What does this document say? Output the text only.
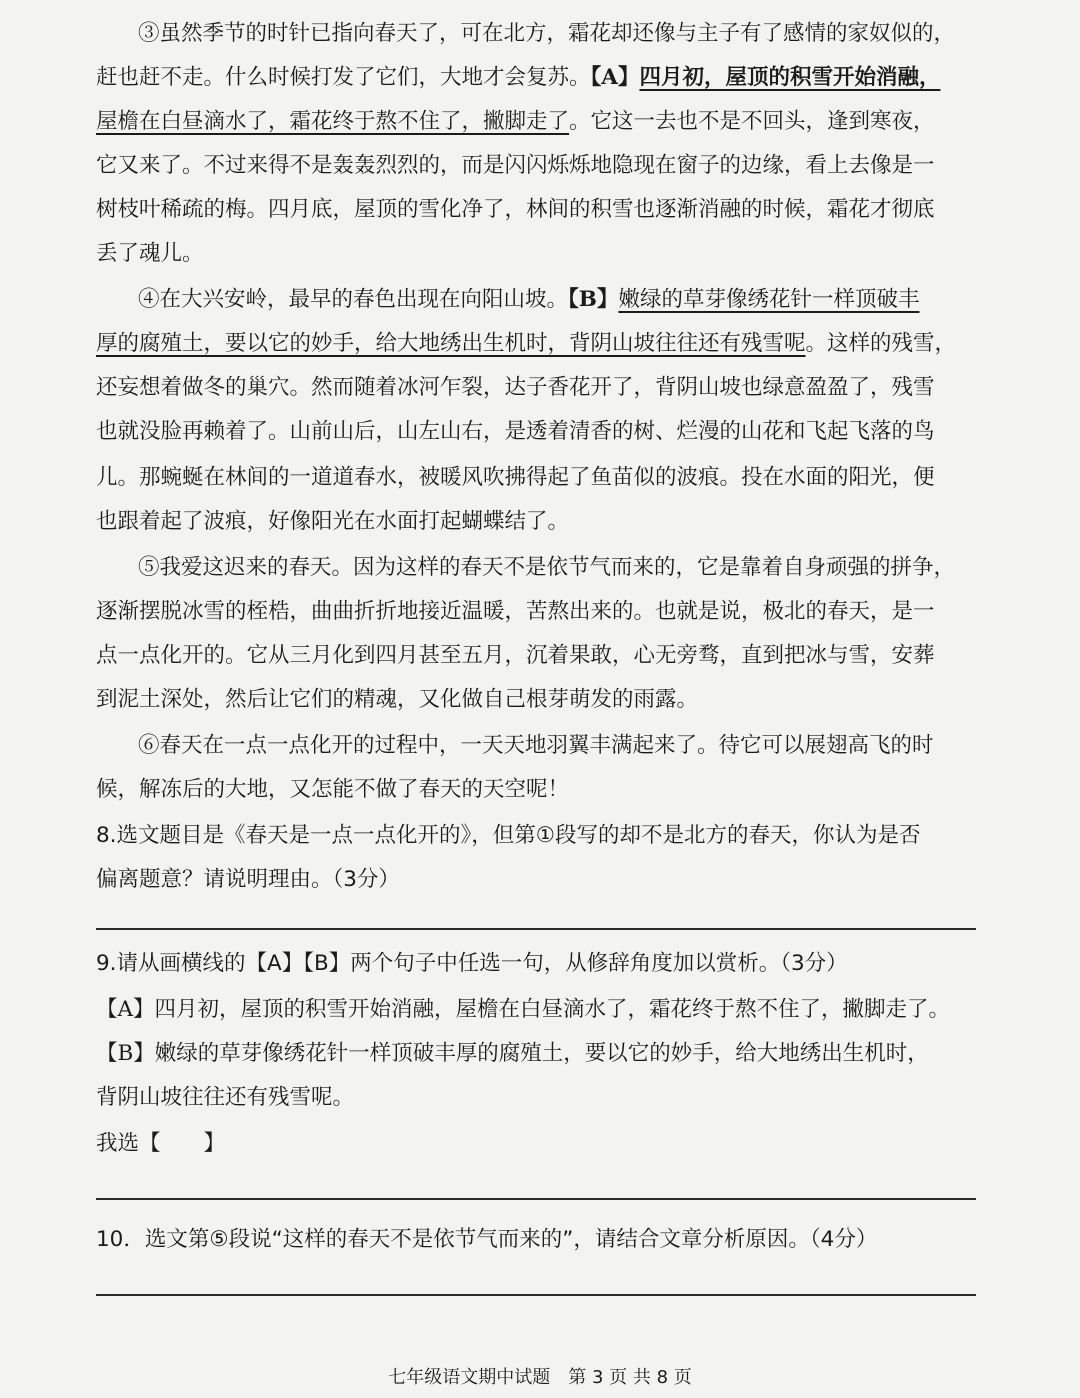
③虽然季节的时针已指向春天了，可在北方，霜花却还像与主子有了感情的家奴似的，
赶也赶不走。什么时候打发了它们，大地才会复苏。【A】四月初，屋顶的积雪开始消融，
屋檐在白昼滴水了，霜花终于熬不住了，撇脚走了。它这一去也不是不回头，逢到寒夜，
它又来了。不过来得不是轰轰烈烈的，而是闪闪烁烁地隐现在窗子的边缘，看上去像是一
树枝叶稀疏的梅。四月底，屋顶的雪化净了，林间的积雪也逐渐消融的时候，霜花才彻底
丢了魂儿。
④在大兴安岭，最早的春色出现在向阳山坡。【B】嫩绿的草芽像绣花针一样顶破丰
厚的腐殖土，要以它的妙手，给大地绣出生机时，背阴山坡往往还有残雪呢。这样的残雪，
还妄想着做冬的巢穴。然而随着冰河乍裂，达子香花开了，背阴山坡也绿意盈盈了，残雪
也就没脸再赖着了。山前山后，山左山右，是透着清香的树、烂漫的山花和飞起飞落的鸟
儿。那蜿蜒在林间的一道道春水，被暖风吹拂得起了鱼苗似的波痕。投在水面的阳光，便
也跟着起了波痕，好像阳光在水面打起蝴蝶结了。
⑤我爱这迟来的春天。因为这样的春天不是依节气而来的，它是靠着自身顽强的拼争，
逐渐摆脱冰雪的桎梏，曲曲折折地接近温暖，苦熬出来的。也就是说，极北的春天，是一
点一点化开的。它从三月化到四月甚至五月，沉着果敢，心无旁骛，直到把冰与雪，安葬
到泥土深处，然后让它们的精魂，又化做自己根芽萌发的雨露。
⑥春天在一点一点化开的过程中，一天天地羽翼丰满起来了。待它可以展翅高飞的时
候，解冻后的大地，又怎能不做了春天的天空呢！
8.选文题目是《春天是一点一点化开的》，但第①段写的却不是北方的春天，你认为是否
偏离题意？请说明理由。（3分）
9.请从画横线的【A】【B】两个句子中任选一句，从修辞角度加以赏析。（3分）
【A】四月初，屋顶的积雪开始消融，屋檐在白昼滴水了，霜花终于熬不住了，撇脚走了。
【B】嫩绿的草芽像绣花针一样顶破丰厚的腐殖土，要以它的妙手，给大地绣出生机时，
背阴山坡往往还有残雪呢。
我选【　　】
10．选文第⑤段说“这样的春天不是依节气而来的”，请结合文章分析原因。（4分）
七年级语文期中试题　第 3 页 共 8 页
